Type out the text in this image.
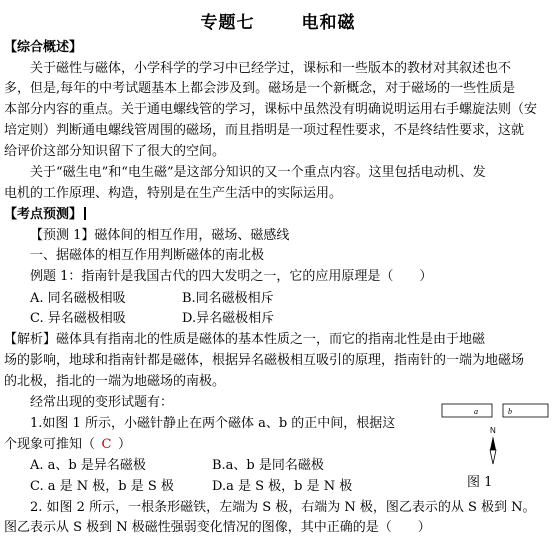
专题七	电和磁
【综合概述】
关于磁性与磁体，小学科学的学习中已经学过，课标和一些版本的教材对其叙述也不
多，但是,每年的中考试题基本上都会涉及到。磁场是一个新概念，对于磁场的一些性质是
本部分内容的重点。关于通电螺线管的学习，课标中虽然没有明确说明运用右手螺旋法则（安
培定则）判断通电螺线管周围的磁场，而且指明是一项过程性要求，不是终结性要求，这就
给评价这部分知识留下了很大的空间。
关于“磁生电”和“电生磁”是这部分知识的又一个重点内容。这里包括电动机、发
电机的工作原理、构造，特别是在生产生活中的实际运用。
【考点预测】
【预测 1】磁体间的相互作用，磁场、磁感线
一、据磁体的相互作用判断磁体的南北极
例题 1：指南针是我国古代的四大发明之一，它的应用原理是（　　）
A. 同名磁极相吸	B.同名磁极相斥
C. 异名磁极相吸	D.异名磁极相斥
【解析】磁体具有指南北的性质是磁体的基本性质之一，而它的指南北性是由于地磁
场的影响，地球和指南针都是磁体，根据异名磁极相互吸引的原理，指南针的一端为地磁场
的北极，指北的一端为地磁场的南极。
经常出现的变形试题有：
1.如图 1 所示，小磁针静止在两个磁体 a、b 的正中间，根据这
个现象可推知（  C  ）
A. a、b 是异名磁极	B.a、b 是同名磁极
C. a 是 N 极，b 是 S 极	D.a 是 S 极，b 是 N 极
2. 如图 2 所示，一根条形磁铁，左端为 S 极，右端为 N 极，图乙表示的从 S 极到 N。
图乙表示从 S 极到 N 极磁性强弱变化情况的图像，其中正确的是（　　）
a	b
N
图 1
